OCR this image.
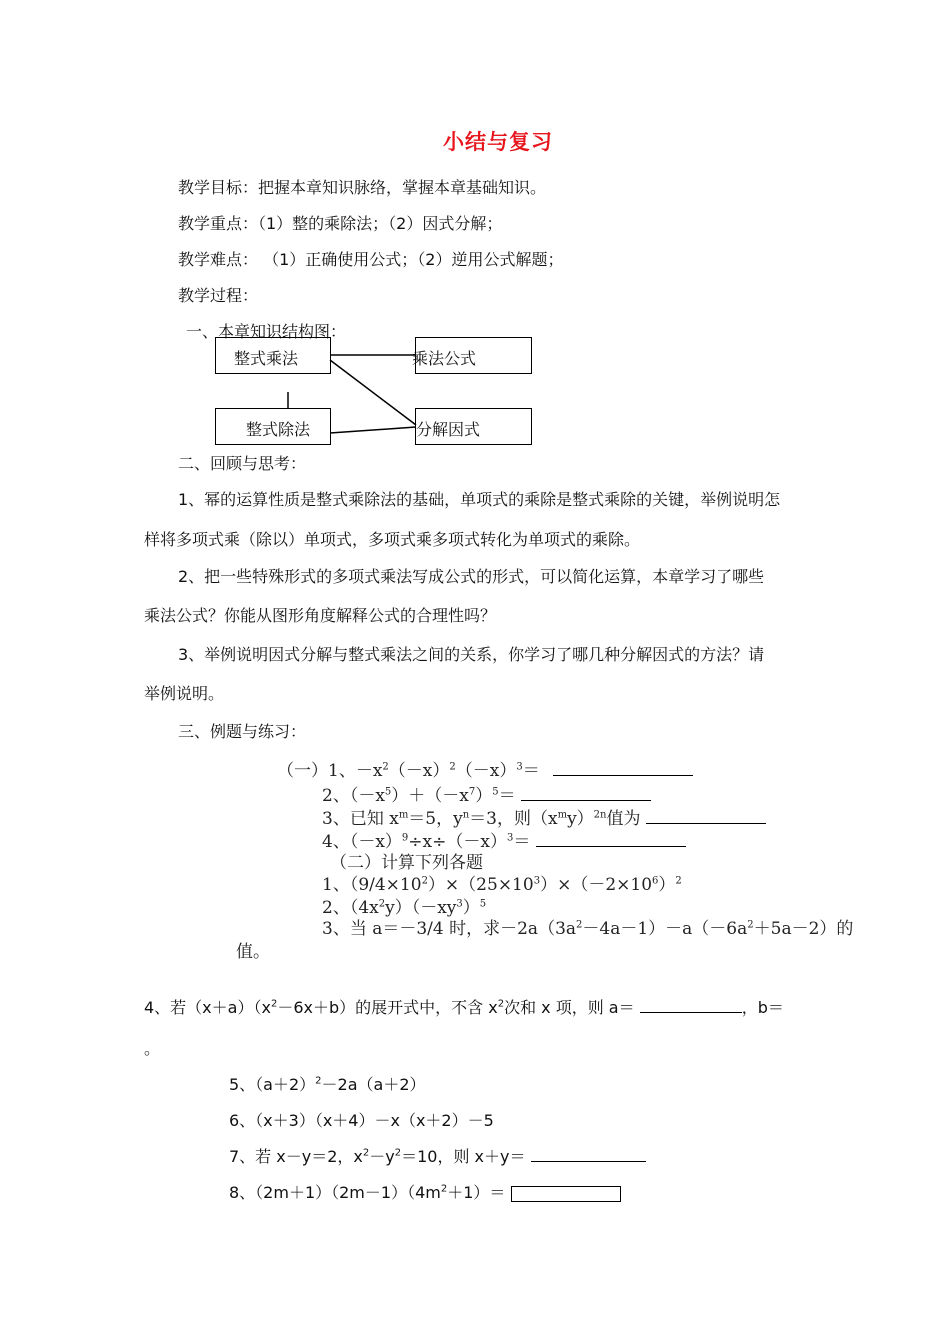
小结与复习
教学目标：把握本章知识脉络，掌握本章基础知识。
教学重点：（1）整的乘除法；（2）因式分解；
教学难点： （1）正确使用公式；（2）逆用公式解题；
教学过程：
一、本章知识结构图：
整式乘法	乘法公式
整式除法	分解因式
二、回顾与思考：
1、幂的运算性质是整式乘除法的基础，单项式的乘除是整式乘除的关键，举例说明怎
样将多项式乘（除以）单项式，多项式乘多项式转化为单项式的乘除。
2、把一些特殊形式的多项式乘法写成公式的形式，可以简化运算，本章学习了哪些
乘法公式？你能从图形角度解释公式的合理性吗？
3、举例说明因式分解与整式乘法之间的关系，你学习了哪几种分解因式的方法？请
举例说明。
三、例题与练习：
（一）1、$-x^2(-x)^2(-x)^3=$
2、$(-x^5)+(-x^7)^5=$
3、已知 $x^m=5$，$y^n=3$，则$(x^my)^{2n}$值为
4、$(-x)^9\div x\div(-x)^3=$
（二）计算下列各题
1、$(9/4\times 10^2)\times(25\times 10^3)\times(-2\times 10^6)^2$
2、$(4x^2y)(-xy^3)^5$
3、当 a＝－3/4 时，求$-2a(3a^2-4a-1)-a(-6a^2+5a-2)$的
值。
4、若$(x+a)(x^2-6x+b)$的展开式中，不含 $x^2$次和 x 项，则 a＝	，b＝
。
5、$(a+2)^2-2a(a+2)$
6、（x＋3）（x＋4）－x（x＋2）－5
7、若 x－y＝2，$x^2-y^2=10$，则 x＋y＝
8、$(2m+1)(2m-1)(4m^2+1)=$
